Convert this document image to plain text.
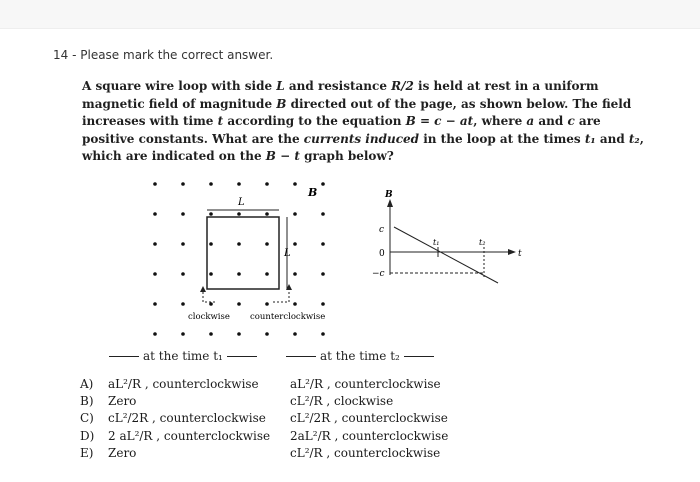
14 - Please mark the correct answer.
A square wire loop with side L and resistance R/2 is held at rest in a uniform magnetic field of magnitude B directed out of the page, as shown below. The field increases with time t according to the equation B = c − at, where a and c are positive constants. What are the currents induced in the loop at the times t₁ and t₂, which are indicated on the B − t graph below?
L
L
B
clockwise counterclockwise
B
c
0
−c
t
t₁	t₂
at the time t₁	at the time t₂
A)	aL²/R , counterclockwise	aL²/R , counterclockwise
B)	Zero	cL²/R , clockwise
C)	cL²/2R , counterclockwise	cL²/2R , counterclockwise
D)	2 aL²/R , counterclockwise	2aL²/R , counterclockwise
E)	Zero	cL²/R , counterclockwise
